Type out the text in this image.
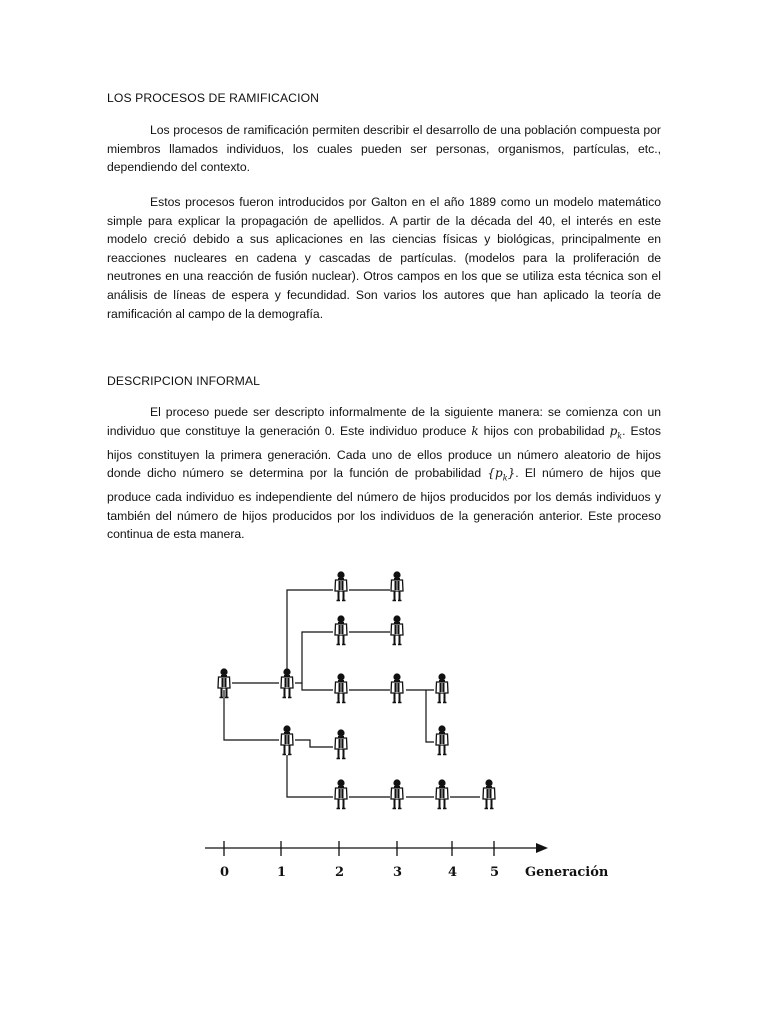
LOS PROCESOS DE RAMIFICACION
Los procesos de ramificación permiten describir el desarrollo de una población compuesta por miembros llamados individuos, los cuales pueden ser personas, organismos, partículas, etc., dependiendo del contexto.
Estos procesos fueron introducidos por Galton en el año 1889 como un modelo matemático simple para explicar la propagación de apellidos. A partir de la década del 40, el interés en este modelo creció debido a sus aplicaciones en las ciencias físicas y biológicas, principalmente en reacciones nucleares en cadena y cascadas de partículas. (modelos para la proliferación de neutrones en una reacción de fusión nuclear). Otros campos en los que se utiliza esta técnica son el análisis de líneas de espera y fecundidad. Son varios los autores que han aplicado la teoría de ramificación al campo de la demografía.
DESCRIPCION INFORMAL
El proceso puede ser descripto informalmente de la siguiente manera: se comienza con un individuo que constituye la generación 0. Este individuo produce k hijos con probabilidad $p_k$. Estos hijos constituyen la primera generación. Cada uno de ellos produce un número aleatorio de hijos donde dicho número se determina por la función de probabilidad $\{p_k\}$. El número de hijos que produce cada individuo es independiente del número de hijos producidos por los demás individuos y también del número de hijos producidos por los individuos de la generación anterior. Este proceso continua de esta manera.
0	1	2	3	4	5 Generación
